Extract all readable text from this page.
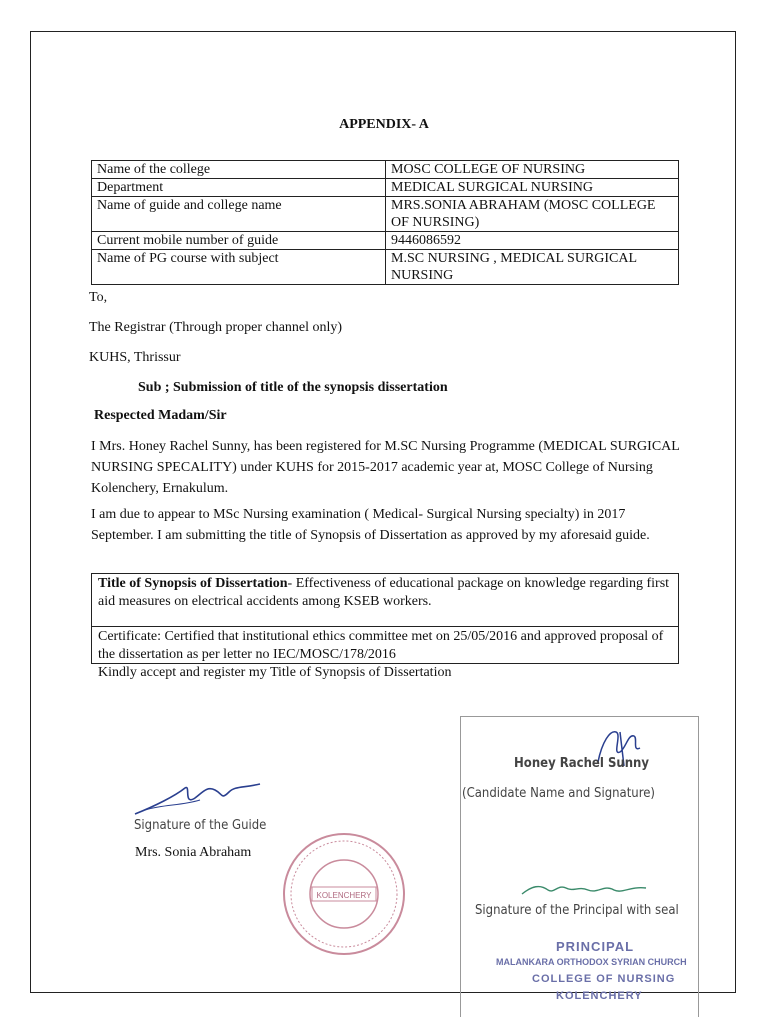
APPENDIX- A
Name of the college	MOSC COLLEGE OF NURSING
Department	MEDICAL SURGICAL NURSING
Name of guide and college name	MRS.SONIA ABRAHAM (MOSC COLLEGE OF NURSING)
Current mobile number of guide	9446086592
Name of PG course with subject	M.SC NURSING , MEDICAL SURGICAL NURSING
To,
The Registrar (Through proper channel only)
KUHS, Thrissur
Sub ; Submission of title of the synopsis dissertation
Respected Madam/Sir
I Mrs. Honey Rachel Sunny, has been registered for M.SC Nursing Programme (MEDICAL SURGICAL NURSING SPECALITY) under KUHS for 2015-2017 academic year at, MOSC College of Nursing Kolenchery, Ernakulum.
I am due to appear to MSc Nursing examination ( Medical- Surgical Nursing specialty) in 2017 September. I am submitting the title of Synopsis of Dissertation as approved by my aforesaid guide.
Title of Synopsis of Dissertation- Effectiveness of educational package on knowledge regarding first aid measures on electrical accidents among KSEB workers.
Certificate: Certified that institutional ethics committee met on 25/05/2016 and approved proposal of the dissertation as per letter no IEC/MOSC/178/2016
Kindly accept and register my Title of Synopsis of Dissertation
Signature of the Guide
Mrs. Sonia Abraham
KOLENCHERY
Honey Rachel Sunny
(Candidate Name and Signature)
Signature of the Principal with seal
PRINCIPAL
MALANKARA ORTHODOX SYRIAN CHURCH
COLLEGE OF NURSING
KOLENCHERY
